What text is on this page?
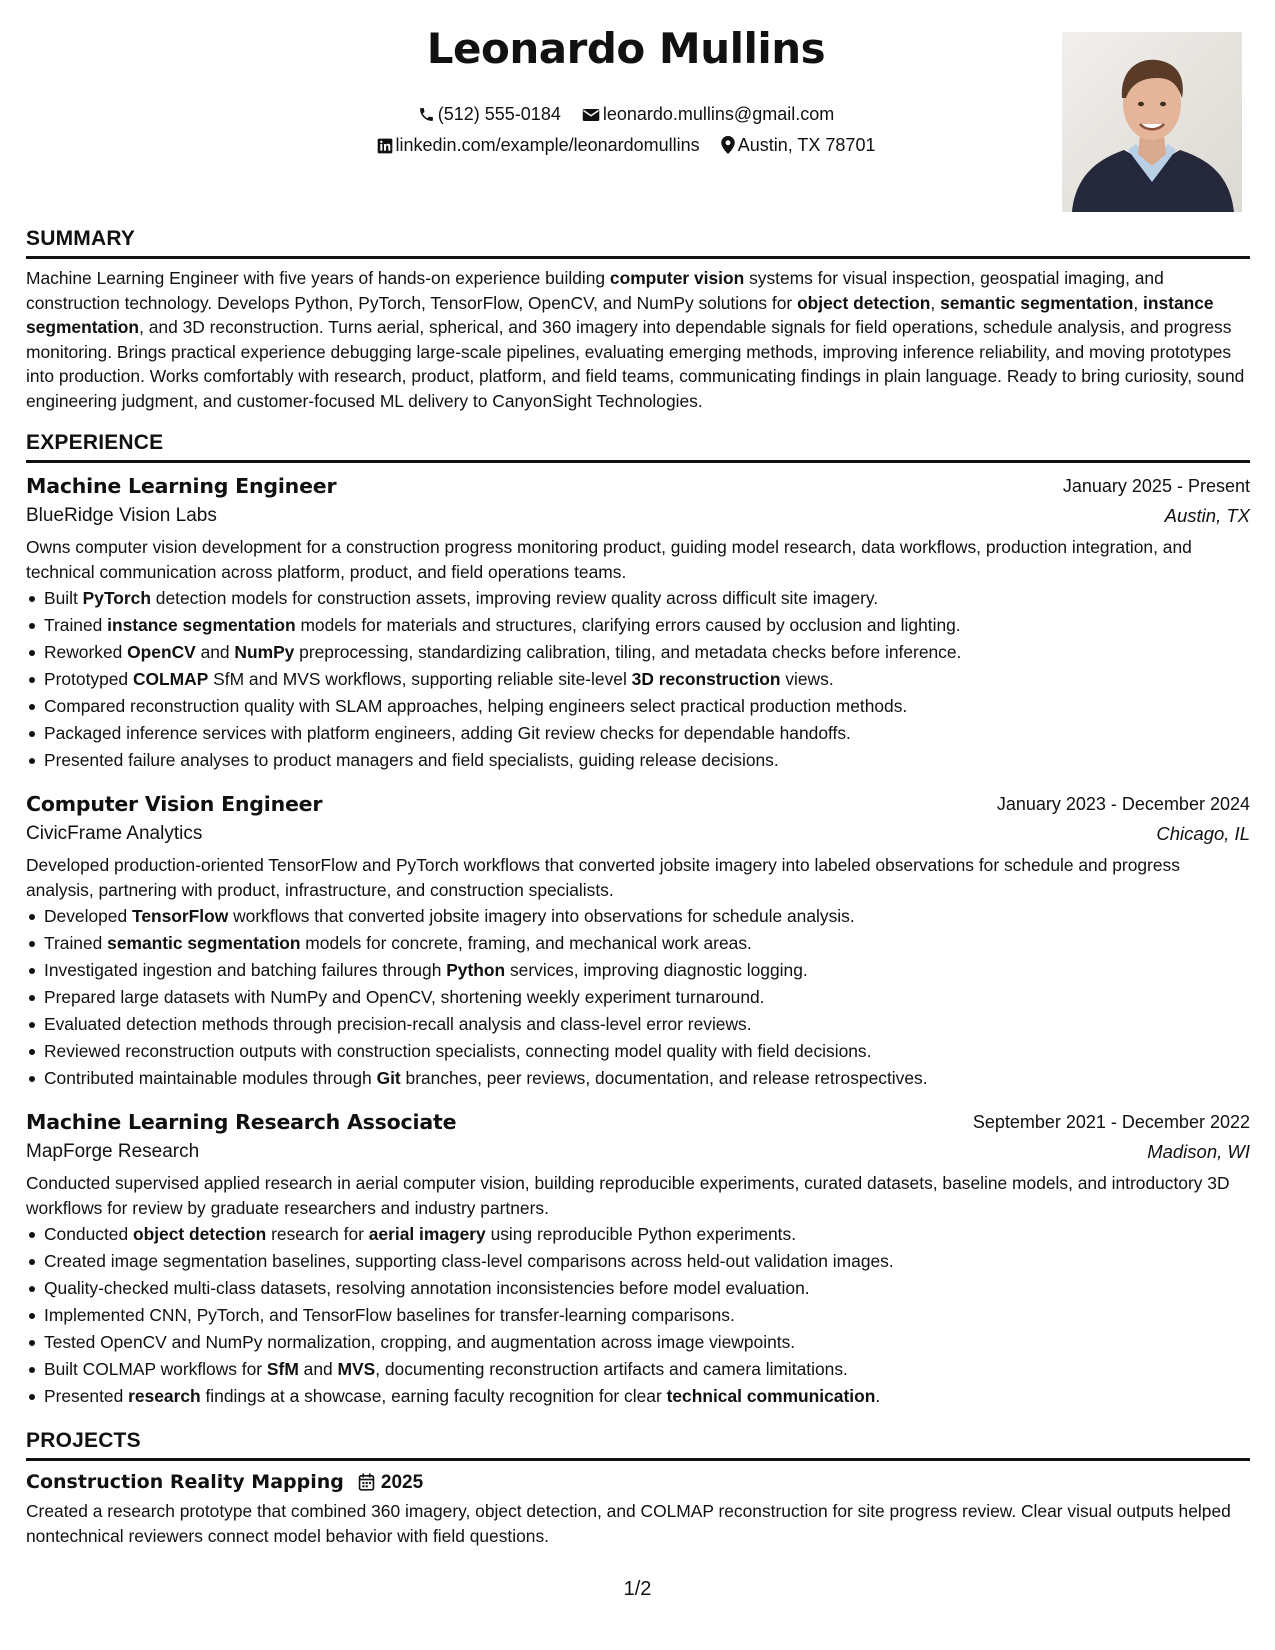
Leonardo Mullins
(512) 555-0184 leonardo.mullins@gmail.com
linkedin.com/example/leonardomullins Austin, TX 78701
SUMMARY
Machine Learning Engineer with five years of hands-on experience building computer vision systems for visual inspection, geospatial imaging, and construction technology. Develops Python, PyTorch, TensorFlow, OpenCV, and NumPy solutions for object detection, semantic segmentation, instance segmentation, and 3D reconstruction. Turns aerial, spherical, and 360 imagery into dependable signals for field operations, schedule analysis, and progress monitoring. Brings practical experience debugging large-scale pipelines, evaluating emerging methods, improving inference reliability, and moving prototypes into production. Works comfortably with research, product, platform, and field teams, communicating findings in plain language. Ready to bring curiosity, sound engineering judgment, and customer-focused ML delivery to CanyonSight Technologies.
EXPERIENCE
Machine Learning Engineer	January 2025 - Present
BlueRidge Vision Labs	Austin, TX
Owns computer vision development for a construction progress monitoring product, guiding model research, data workflows, production integration, and technical communication across platform, product, and field operations teams.
Built PyTorch detection models for construction assets, improving review quality across difficult site imagery.
Trained instance segmentation models for materials and structures, clarifying errors caused by occlusion and lighting.
Reworked OpenCV and NumPy preprocessing, standardizing calibration, tiling, and metadata checks before inference.
Prototyped COLMAP SfM and MVS workflows, supporting reliable site-level 3D reconstruction views.
Compared reconstruction quality with SLAM approaches, helping engineers select practical production methods.
Packaged inference services with platform engineers, adding Git review checks for dependable handoffs.
Presented failure analyses to product managers and field specialists, guiding release decisions.
Computer Vision Engineer	January 2023 - December 2024
CivicFrame Analytics	Chicago, IL
Developed production-oriented TensorFlow and PyTorch workflows that converted jobsite imagery into labeled observations for schedule and progress analysis, partnering with product, infrastructure, and construction specialists.
Developed TensorFlow workflows that converted jobsite imagery into observations for schedule analysis.
Trained semantic segmentation models for concrete, framing, and mechanical work areas.
Investigated ingestion and batching failures through Python services, improving diagnostic logging.
Prepared large datasets with NumPy and OpenCV, shortening weekly experiment turnaround.
Evaluated detection methods through precision-recall analysis and class-level error reviews.
Reviewed reconstruction outputs with construction specialists, connecting model quality with field decisions.
Contributed maintainable modules through Git branches, peer reviews, documentation, and release retrospectives.
Machine Learning Research Associate	September 2021 - December 2022
MapForge Research	Madison, WI
Conducted supervised applied research in aerial computer vision, building reproducible experiments, curated datasets, baseline models, and introductory 3D workflows for review by graduate researchers and industry partners.
Conducted object detection research for aerial imagery using reproducible Python experiments.
Created image segmentation baselines, supporting class-level comparisons across held-out validation images.
Quality-checked multi-class datasets, resolving annotation inconsistencies before model evaluation.
Implemented CNN, PyTorch, and TensorFlow baselines for transfer-learning comparisons.
Tested OpenCV and NumPy normalization, cropping, and augmentation across image viewpoints.
Built COLMAP workflows for SfM and MVS, documenting reconstruction artifacts and camera limitations.
Presented research findings at a showcase, earning faculty recognition for clear technical communication.
PROJECTS
Construction Reality Mapping 2025
Created a research prototype that combined 360 imagery, object detection, and COLMAP reconstruction for site progress review. Clear visual outputs helped nontechnical reviewers connect model behavior with field questions.
1/2
